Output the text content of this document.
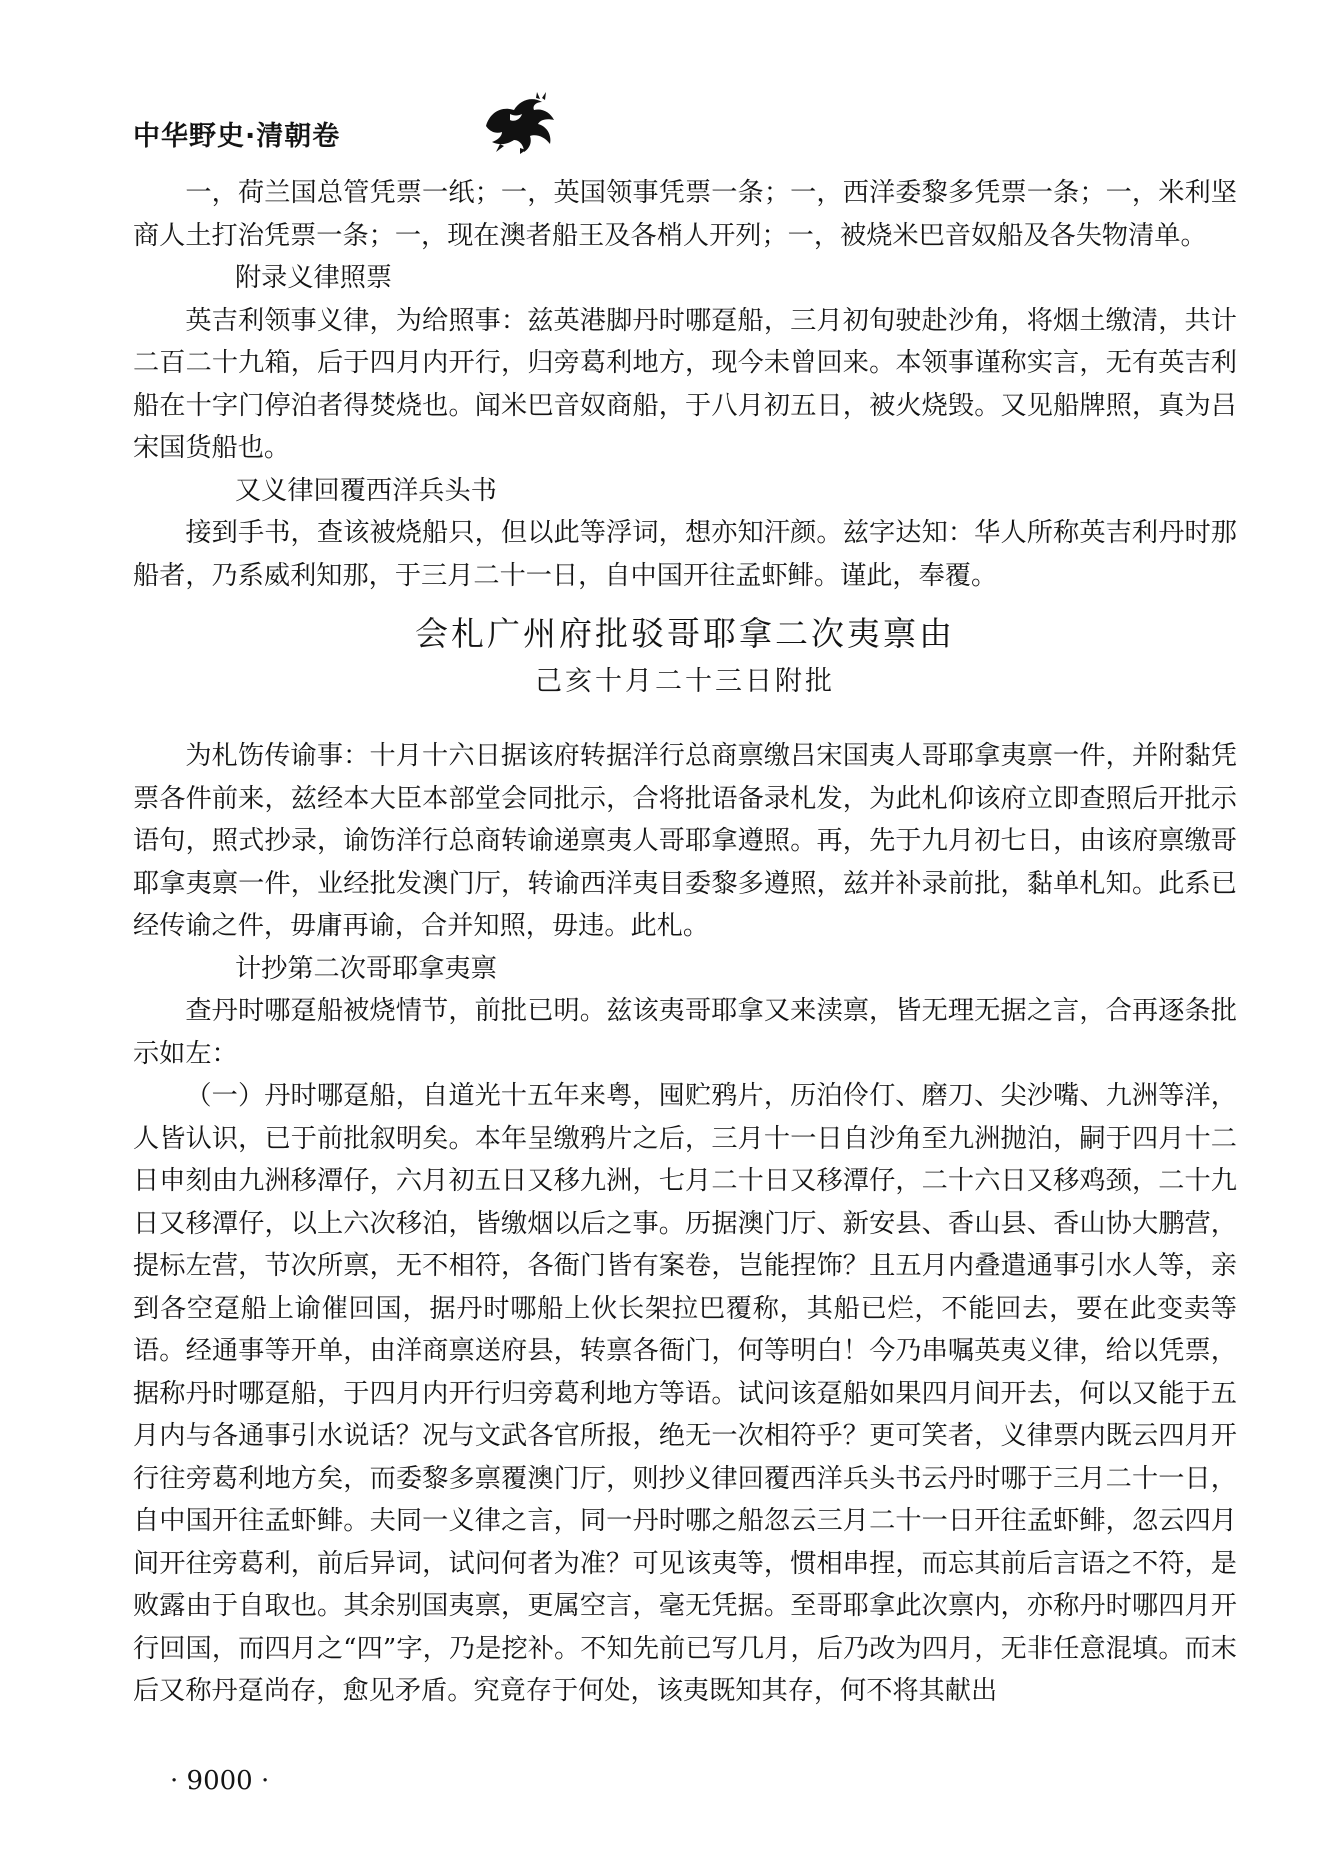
中华野史·清朝卷

一，荷兰国总管凭票一纸；一，英国领事凭票一条；一，西洋委黎多凭票一条；一，米利坚商人土打治凭票一条；一，现在澳者船王及各梢人开列；一，被烧米巴音奴船及各失物清单。

附录义律照票

英吉利领事义律，为给照事：兹英港脚丹时哪趸船，三月初旬驶赴沙角，将烟土缴清，共计二百二十九箱，后于四月内开行，归旁葛利地方，现今未曾回来。本领事谨称实言，无有英吉利船在十字门停泊者得焚烧也。闻米巴音奴商船，于八月初五日，被火烧毁。又见船牌照，真为吕宋国货船也。

又义律回覆西洋兵头书

接到手书，查该被烧船只，但以此等浮词，想亦知汗颜。兹字达知：华人所称英吉利丹时那船者，乃系威利知那，于三月二十一日，自中国开往孟虾鲱。谨此，奉覆。

会札广州府批驳哥耶拿二次夷禀由
己亥十月二十三日附批

为札饬传谕事：十月十六日据该府转据洋行总商禀缴吕宋国夷人哥耶拿夷禀一件，并附黏凭票各件前来，兹经本大臣本部堂会同批示，合将批语备录札发，为此札仰该府立即查照后开批示语句，照式抄录，谕饬洋行总商转谕递禀夷人哥耶拿遵照。再，先于九月初七日，由该府禀缴哥耶拿夷禀一件，业经批发澳门厅，转谕西洋夷目委黎多遵照，兹并补录前批，黏单札知。此系已经传谕之件，毋庸再谕，合并知照，毋违。此札。

计抄第二次哥耶拿夷禀

查丹时哪趸船被烧情节，前批已明。兹该夷哥耶拿又来渎禀，皆无理无据之言，合再逐条批示如左：

（一）丹时哪趸船，自道光十五年来粤，囤贮鸦片，历泊伶仃、磨刀、尖沙嘴、九洲等洋，人皆认识，已于前批叙明矣。本年呈缴鸦片之后，三月十一日自沙角至九洲抛泊，嗣于四月十二日申刻由九洲移潭仔，六月初五日又移九洲，七月二十日又移潭仔，二十六日又移鸡颈，二十九日又移潭仔，以上六次移泊，皆缴烟以后之事。历据澳门厅、新安县、香山县、香山协大鹏营，提标左营，节次所禀，无不相符，各衙门皆有案卷，岂能捏饰？且五月内叠遣通事引水人等，亲到各空趸船上谕催回国，据丹时哪船上伙长架拉巴覆称，其船已烂，不能回去，要在此变卖等语。经通事等开单，由洋商禀送府县，转禀各衙门，何等明白！今乃串嘱英夷义律，给以凭票，据称丹时哪趸船，于四月内开行归旁葛利地方等语。试问该趸船如果四月间开去，何以又能于五月内与各通事引水说话？况与文武各官所报，绝无一次相符乎？更可笑者，义律票内既云四月开行往旁葛利地方矣，而委黎多禀覆澳门厅，则抄义律回覆西洋兵头书云丹时哪于三月二十一日，自中国开往孟虾鲱。夫同一义律之言，同一丹时哪之船忽云三月二十一日开往孟虾鲱，忽云四月间开往旁葛利，前后异词，试问何者为准？可见该夷等，惯相串捏，而忘其前后言语之不符，是败露由于自取也。其余别国夷禀，更属空言，毫无凭据。至哥耶拿此次禀内，亦称丹时哪四月开行回国，而四月之“四”字，乃是挖补。不知先前已写几月，后乃改为四月，无非任意混填。而末后又称丹趸尚存，愈见矛盾。究竟存于何处，该夷既知其存，何不将其献出

· 9000 ·
